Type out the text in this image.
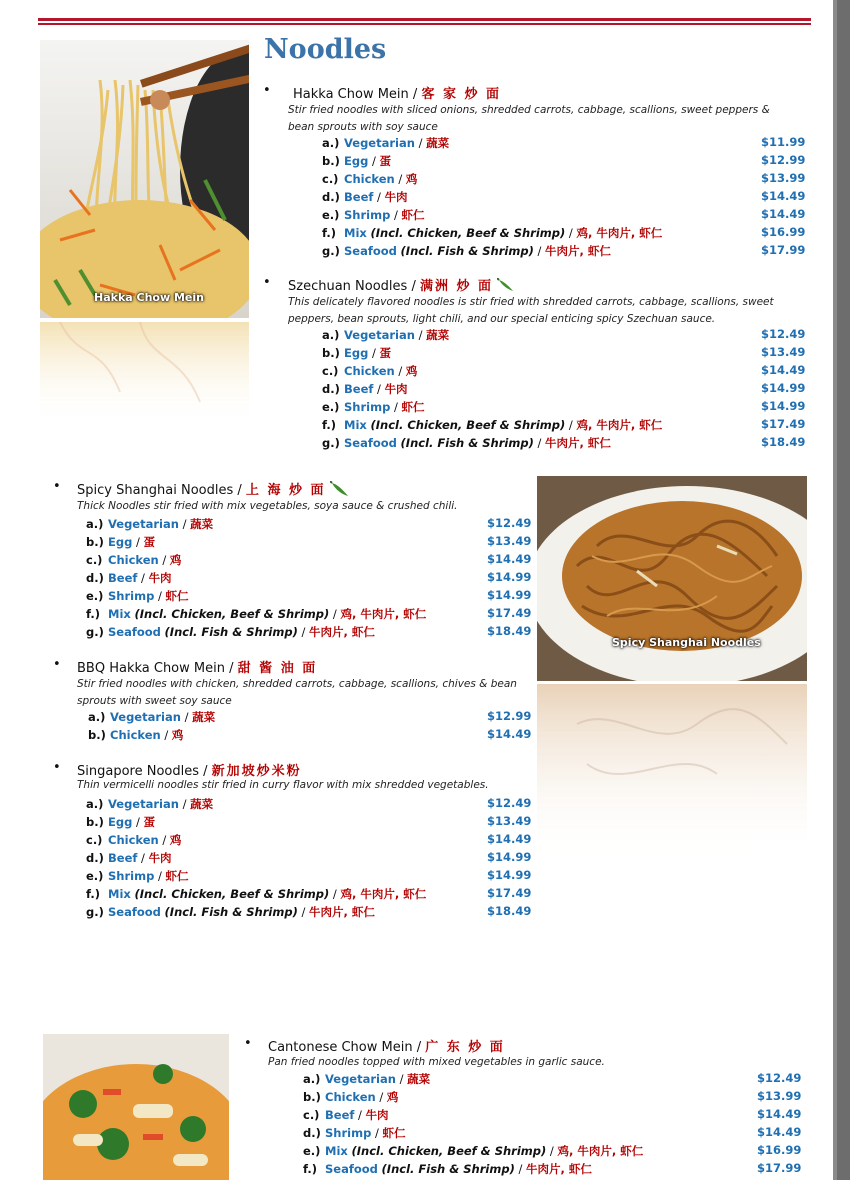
Noodles
Hakka Chow Mein
Spicy Shanghai Noodles
• Hakka Chow Mein / 客 家 炒 面
Stir fried noodles with sliced onions, shredded carrots, cabbage, scallions, sweet peppers & bean sprouts with soy sauce
a.) Vegetarian / 蔬菜	$11.99
b.) Egg / 蛋	$12.99
c.) Chicken / 鸡	$13.99
d.) Beef / 牛肉	$14.49
e.) Shrimp / 虾仁	$14.49
f.) Mix (Incl. Chicken, Beef & Shrimp) / 鸡, 牛肉片, 虾仁	$16.99
g.) Seafood (Incl. Fish & Shrimp) / 牛肉片, 虾仁	$17.99
• Szechuan Noodles / 满洲 炒 面
This delicately flavored noodles is stir fried with shredded carrots, cabbage, scallions, sweet peppers, bean sprouts, light chili, and our special enticing spicy Szechuan sauce.
a.) Vegetarian / 蔬菜	$12.49
b.) Egg / 蛋	$13.49
c.) Chicken / 鸡	$14.49
d.) Beef / 牛肉	$14.99
e.) Shrimp / 虾仁	$14.99
f.) Mix (Incl. Chicken, Beef & Shrimp) / 鸡, 牛肉片, 虾仁	$17.49
g.) Seafood (Incl. Fish & Shrimp) / 牛肉片, 虾仁	$18.49
• Spicy Shanghai Noodles / 上 海 炒 面
Thick Noodles stir fried with mix vegetables, soya sauce & crushed chili.
a.) Vegetarian / 蔬菜	$12.49
b.) Egg / 蛋	$13.49
c.) Chicken / 鸡	$14.49
d.) Beef / 牛肉	$14.99
e.) Shrimp / 虾仁	$14.99
f.) Mix (Incl. Chicken, Beef & Shrimp) / 鸡, 牛肉片, 虾仁	$17.49
g.) Seafood (Incl. Fish & Shrimp) / 牛肉片, 虾仁	$18.49
• BBQ Hakka Chow Mein / 甜 酱 油 面
Stir fried noodles with chicken, shredded carrots, cabbage, scallions, chives & bean sprouts with sweet soy sauce
a.) Vegetarian / 蔬菜	$12.99
b.) Chicken / 鸡	$14.49
• Singapore Noodles / 新加坡炒米粉
Thin vermicelli noodles stir fried in curry flavor with mix shredded vegetables.
a.) Vegetarian / 蔬菜	$12.49
b.) Egg / 蛋	$13.49
c.) Chicken / 鸡	$14.49
d.) Beef / 牛肉	$14.99
e.) Shrimp / 虾仁	$14.99
f.) Mix (Incl. Chicken, Beef & Shrimp) / 鸡, 牛肉片, 虾仁	$17.49
g.) Seafood (Incl. Fish & Shrimp) / 牛肉片, 虾仁	$18.49
• Cantonese Chow Mein / 广 东 炒 面
Pan fried noodles topped with mixed vegetables in garlic sauce.
a.) Vegetarian / 蔬菜	$12.49
b.) Chicken / 鸡	$13.99
c.) Beef / 牛肉	$14.49
d.) Shrimp / 虾仁	$14.49
e.) Mix (Incl. Chicken, Beef & Shrimp) / 鸡, 牛肉片, 虾仁	$16.99
f.) Seafood (Incl. Fish & Shrimp) / 牛肉片, 虾仁	$17.99
